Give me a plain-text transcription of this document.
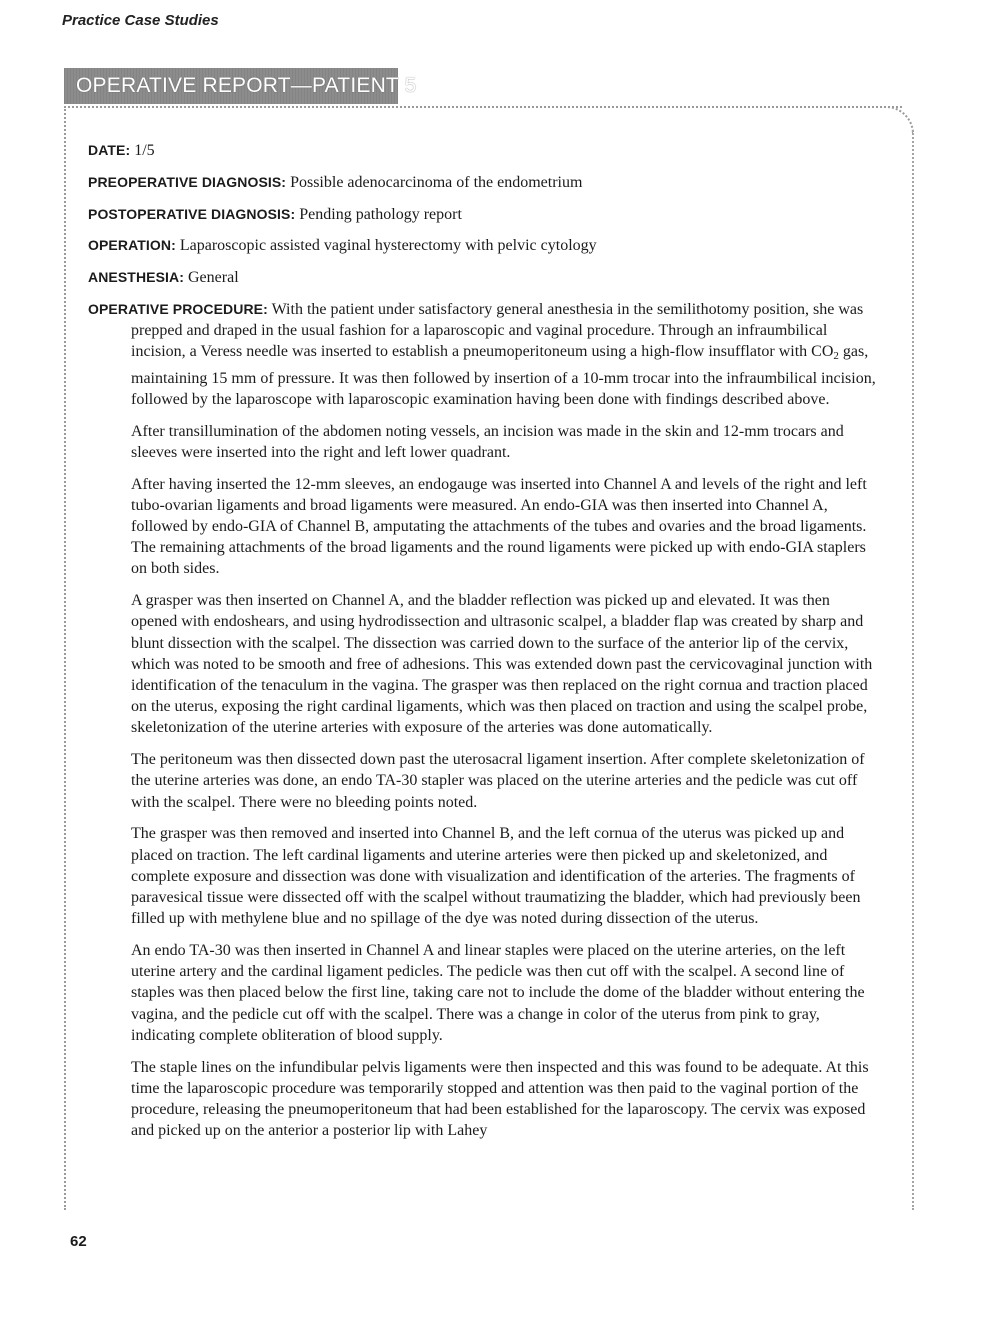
Practice Case Studies
OPERATIVE REPORT—PATIENT 5
DATE: 1/5
PREOPERATIVE DIAGNOSIS: Possible adenocarcinoma of the endometrium
POSTOPERATIVE DIAGNOSIS: Pending pathology report
OPERATION: Laparoscopic assisted vaginal hysterectomy with pelvic cytology
ANESTHESIA: General
OPERATIVE PROCEDURE: With the patient under satisfactory general anesthesia in the semilithotomy position, she was prepped and draped in the usual fashion for a laparoscopic and vaginal procedure. Through an infraumbilical incision, a Veress needle was inserted to establish a pneumoperitoneum using a high-flow insufflator with $CO_2$ gas, maintaining 15 mm of pressure. It was then followed by insertion of a 10-mm trocar into the infraumbilical incision, followed by the laparoscope with laparoscopic examination having been done with findings described above.

After transillumination of the abdomen noting vessels, an incision was made in the skin and 12-mm trocars and sleeves were inserted into the right and left lower quadrant.

After having inserted the 12-mm sleeves, an endogauge was inserted into Channel A and levels of the right and left tubo-ovarian ligaments and broad ligaments were measured. An endo-GIA was then inserted into Channel A, followed by endo-GIA of Channel B, amputating the attachments of the tubes and ovaries and the broad ligaments. The remaining attachments of the broad ligaments and the round ligaments were picked up with endo-GIA staplers on both sides.

A grasper was then inserted on Channel A, and the bladder reflection was picked up and elevated. It was then opened with endoshears, and using hydrodissection and ultrasonic scalpel, a bladder flap was created by sharp and blunt dissection with the scalpel. The dissection was carried down to the surface of the anterior lip of the cervix, which was noted to be smooth and free of adhesions. This was extended down past the cervicovaginal junction with identification of the tenaculum in the vagina. The grasper was then replaced on the right cornua and traction placed on the uterus, exposing the right cardinal ligaments, which was then placed on traction and using the scalpel probe, skeletonization of the uterine arteries with exposure of the arteries was done automatically.

The peritoneum was then dissected down past the uterosacral ligament insertion. After complete skeletonization of the uterine arteries was done, an endo TA-30 stapler was placed on the uterine arteries and the pedicle was cut off with the scalpel. There were no bleeding points noted.

The grasper was then removed and inserted into Channel B, and the left cornua of the uterus was picked up and placed on traction. The left cardinal ligaments and uterine arteries were then picked up and skeletonized, and complete exposure and dissection was done with visualization and identification of the arteries. The fragments of paravesical tissue were dissected off with the scalpel without traumatizing the bladder, which had previously been filled up with methylene blue and no spillage of the dye was noted during dissection of the uterus.

An endo TA-30 was then inserted in Channel A and linear staples were placed on the uterine arteries, on the left uterine artery and the cardinal ligament pedicles. The pedicle was then cut off with the scalpel. A second line of staples was then placed below the first line, taking care not to include the dome of the bladder without entering the vagina, and the pedicle cut off with the scalpel. There was a change in color of the uterus from pink to gray, indicating complete obliteration of blood supply.

The staple lines on the infundibular pelvis ligaments were then inspected and this was found to be adequate. At this time the laparoscopic procedure was temporarily stopped and attention was then paid to the vaginal portion of the procedure, releasing the pneumoperitoneum that had been established for the laparoscopy. The cervix was exposed and picked up on the anterior a posterior lip with Lahey

62
